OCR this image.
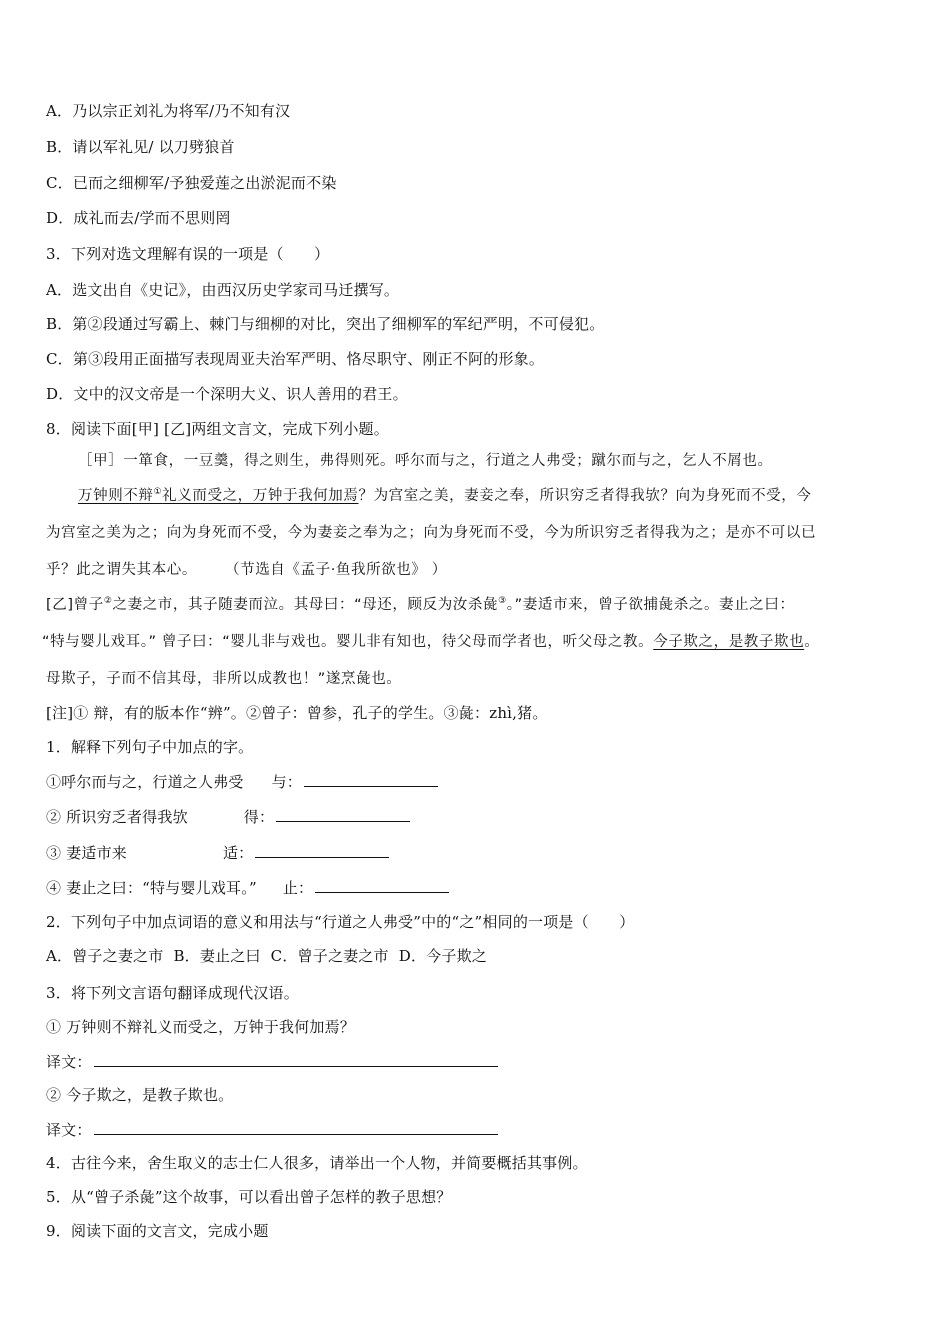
A．乃以宗正刘礼为将军/乃不知有汉
B．请以军礼见/ 以刀劈狼首
C．已而之细柳军/予独爱莲之出淤泥而不染
D．成礼而去/学而不思则罔
3．下列对选文理解有误的一项是（　　）
A．选文出自《史记》，由西汉历史学家司马迁撰写。
B．第②段通过写霸上、棘门与细柳的对比，突出了细柳军的军纪严明，不可侵犯。
C．第③段用正面描写表现周亚夫治军严明、恪尽职守、刚正不阿的形象。
D．文中的汉文帝是一个深明大义、识人善用的君王。
8．阅读下面[甲] [乙]两组文言文，完成下列小题。
［甲］一箪食，一豆羹，得之则生，弗得则死。呼尔而与之，行道之人弗受；蹴尔而与之，乞人不屑也。
万钟则不辩①礼义而受之，万钟于我何加焉？为宫室之美，妻妾之奉，所识穷乏者得我欤？向为身死而不受，今
为宫室之美为之；向为身死而不受，今为妻妾之奉为之；向为身死而不受，今为所识穷乏者得我为之；是亦不可以已
乎？此之谓失其本心。 （节选自《孟子·鱼我所欲也》 ）
[乙]曾子②之妻之市，其子随妻而泣。其母曰：“母还，顾反为汝杀彘③。”妻适市来，曾子欲捕彘杀之。妻止之曰：
“特与婴儿戏耳。” 曾子曰：“婴儿非与戏也。婴儿非有知也，待父母而学者也，听父母之教。今子欺之，是教子欺也。
母欺子，子而不信其母，非所以成教也！”遂烹彘也。
[注]① 辩，有的版本作“辨”。②曾子：曾参，孔子的学生。③彘：zhì,猪。
1．解释下列句子中加点的字。
①呼尔而与之，行道之人弗受 与：
② 所识穷乏者得我欤	得：
③ 妻适市来	适：
④ 妻止之曰：“特与婴儿戏耳。” 止：
2．下列句子中加点词语的意义和用法与“行道之人弗受”中的“之”相同的一项是（　　）
A．曾子之妻之市 B．妻止之曰 C．曾子之妻之市 D．今子欺之
3．将下列文言语句翻译成现代汉语。
① 万钟则不辩礼义而受之，万钟于我何加焉？
译文：
② 今子欺之，是教子欺也。
译文：
4．古往今来，舍生取义的志士仁人很多，请举出一个人物，并简要概括其事例。
5．从“曾子杀彘”这个故事，可以看出曾子怎样的教子思想？
9．阅读下面的文言文，完成小题
